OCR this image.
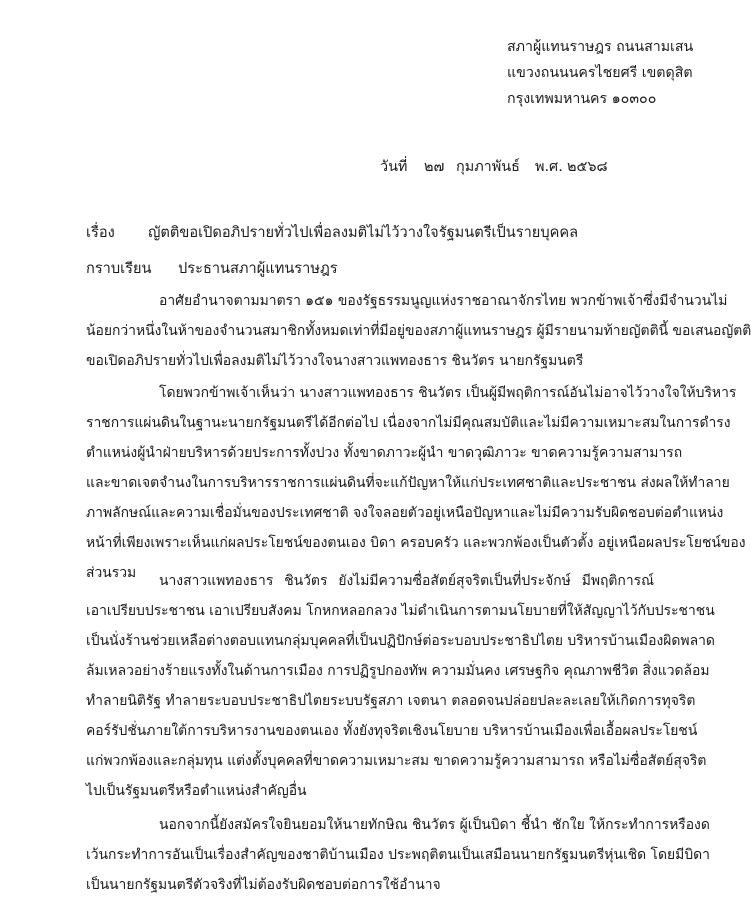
สภาผู้แทนราษฎร ถนนสามเสน
แขวงถนนนครไชยศรี เขตดุสิต
กรุงเทพมหานคร ๑๐๓๐๐
วันที่ ๒๗ กุมภาพันธ์ พ.ศ. ๒๕๖๘
เรื่อง ญัตติขอเปิดอภิปรายทั่วไปเพื่อลงมติไม่ไว้วางใจรัฐมนตรีเป็นรายบุคคล
กราบเรียน ประธานสภาผู้แทนราษฎร
อาศัยอำนาจตามมาตรา ๑๕๑ ของรัฐธรรมนูญแห่งราชอาณาจักรไทย พวกข้าพเจ้าซึ่งมีจำนวนไม่
น้อยกว่าหนึ่งในห้าของจำนวนสมาชิกทั้งหมดเท่าที่มีอยู่ของสภาผู้แทนราษฎร ผู้มีรายนามท้ายญัตตินี้ ขอเสนอญัตติ
ขอเปิดอภิปรายทั่วไปเพื่อลงมติไม่ไว้วางใจนางสาวแพทองธาร ชินวัตร นายกรัฐมนตรี
โดยพวกข้าพเจ้าเห็นว่า นางสาวแพทองธาร ชินวัตร เป็นผู้มีพฤติการณ์อันไม่อาจไว้วางใจให้บริหาร
ราชการแผ่นดินในฐานะนายกรัฐมนตรีได้อีกต่อไป เนื่องจากไม่มีคุณสมบัติและไม่มีความเหมาะสมในการดำรง
ตำแหน่งผู้นำฝ่ายบริหารด้วยประการทั้งปวง ทั้งขาดภาวะผู้นำ ขาดวุฒิภาวะ ขาดความรู้ความสามารถ
และขาดเจตจำนงในการบริหารราชการแผ่นดินที่จะแก้ปัญหาให้แก่ประเทศชาติและประชาชน ส่งผลให้ทำลาย
ภาพลักษณ์และความเชื่อมั่นของประเทศชาติ จงใจลอยตัวอยู่เหนือปัญหาและไม่มีความรับผิดชอบต่อตำแหน่ง
หน้าที่เพียงเพราะเห็นแก่ผลประโยชน์ของตนเอง บิดา ครอบครัว และพวกพ้องเป็นตัวตั้ง อยู่เหนือผลประโยชน์ของ
ส่วนรวม	นางสาวแพทองธาร ชินวัตร ยังไม่มีความซื่อสัตย์สุจริตเป็นที่ประจักษ์ มีพฤติการณ์
เอาเปรียบประชาชน เอาเปรียบสังคม โกหกหลอกลวง ไม่ดำเนินการตามนโยบายที่ให้สัญญาไว้กับประชาชน
เป็นนั่งร้านช่วยเหลือต่างตอบแทนกลุ่มบุคคลที่เป็นปฏิปักษ์ต่อระบอบประชาธิปไตย บริหารบ้านเมืองผิดพลาด
ล้มเหลวอย่างร้ายแรงทั้งในด้านการเมือง การปฏิรูปกองทัพ ความมั่นคง เศรษฐกิจ คุณภาพชีวิต สิ่งแวดล้อม
ทำลายนิติรัฐ ทำลายระบอบประชาธิปไตยระบบรัฐสภา เจตนา ตลอดจนปล่อยปละละเลยให้เกิดการทุจริต
คอร์รัปชั่นภายใต้การบริหารงานของตนเอง ทั้งยังทุจริตเชิงนโยบาย บริหารบ้านเมืองเพื่อเอื้อผลประโยชน์
แก่พวกพ้องและกลุ่มทุน แต่งตั้งบุคคลที่ขาดความเหมาะสม ขาดความรู้ความสามารถ หรือไม่ซื่อสัตย์สุจริต
ไปเป็นรัฐมนตรีหรือตำแหน่งสำคัญอื่น
นอกจากนี้ยังสมัครใจยินยอมให้นายทักษิณ ชินวัตร ผู้เป็นบิดา ชี้นำ ชักใย ให้กระทำการหรืองด
เว้นกระทำการอันเป็นเรื่องสำคัญของชาติบ้านเมือง ประพฤติตนเป็นเสมือนนายกรัฐมนตรีหุ่นเชิด โดยมีบิดา
เป็นนายกรัฐมนตรีตัวจริงที่ไม่ต้องรับผิดชอบต่อการใช้อำนาจ
